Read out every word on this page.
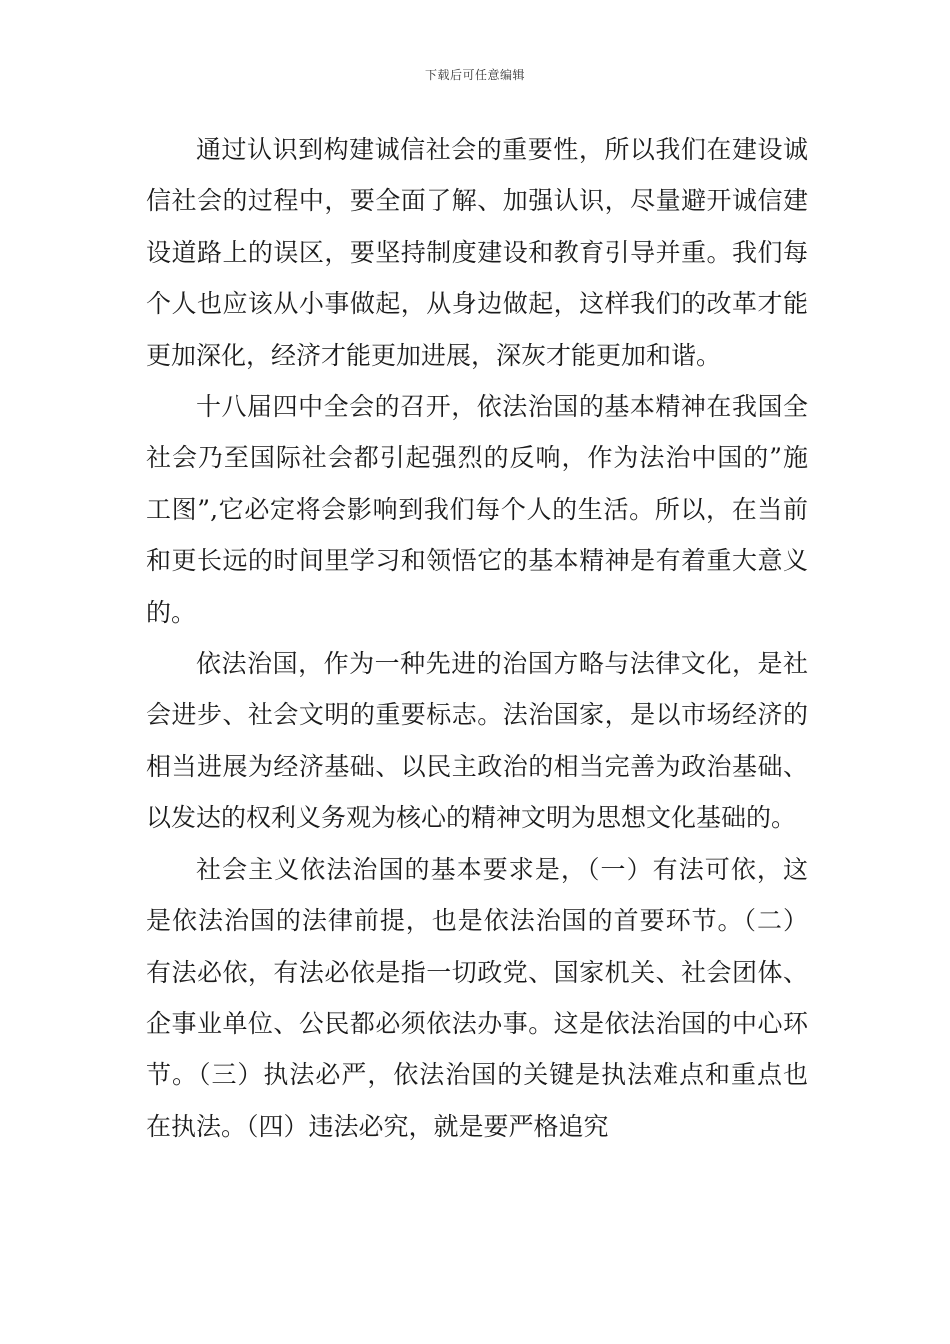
下载后可任意编辑

通过认识到构建诚信社会的重要性，所以我们在建设诚信社会的过程中，要全面了解、加强认识，尽量避开诚信建设道路上的误区，要坚持制度建设和教育引导并重。我们每个人也应该从小事做起，从身边做起，这样我们的改革才能更加深化，经济才能更加进展，深灰才能更加和谐。

十八届四中全会的召开，依法治国的基本精神在我国全社会乃至国际社会都引起强烈的反响，作为法治中国的”施工图”,它必定将会影响到我们每个人的生活。所以，在当前和更长远的时间里学习和领悟它的基本精神是有着重大意义的。

依法治国，作为一种先进的治国方略与法律文化，是社会进步、社会文明的重要标志。法治国家，是以市场经济的相当进展为经济基础、以民主政治的相当完善为政治基础、以发达的权利义务观为核心的精神文明为思想文化基础的。

社会主义依法治国的基本要求是，（一）有法可依，这是依法治国的法律前提，也是依法治国的首要环节。（二）有法必依，有法必依是指一切政党、国家机关、社会团体、企事业单位、公民都必须依法办事。这是依法治国的中心环节。（三）执法必严，依法治国的关键是执法难点和重点也在执法。（四）违法必究，就是要严格追究
